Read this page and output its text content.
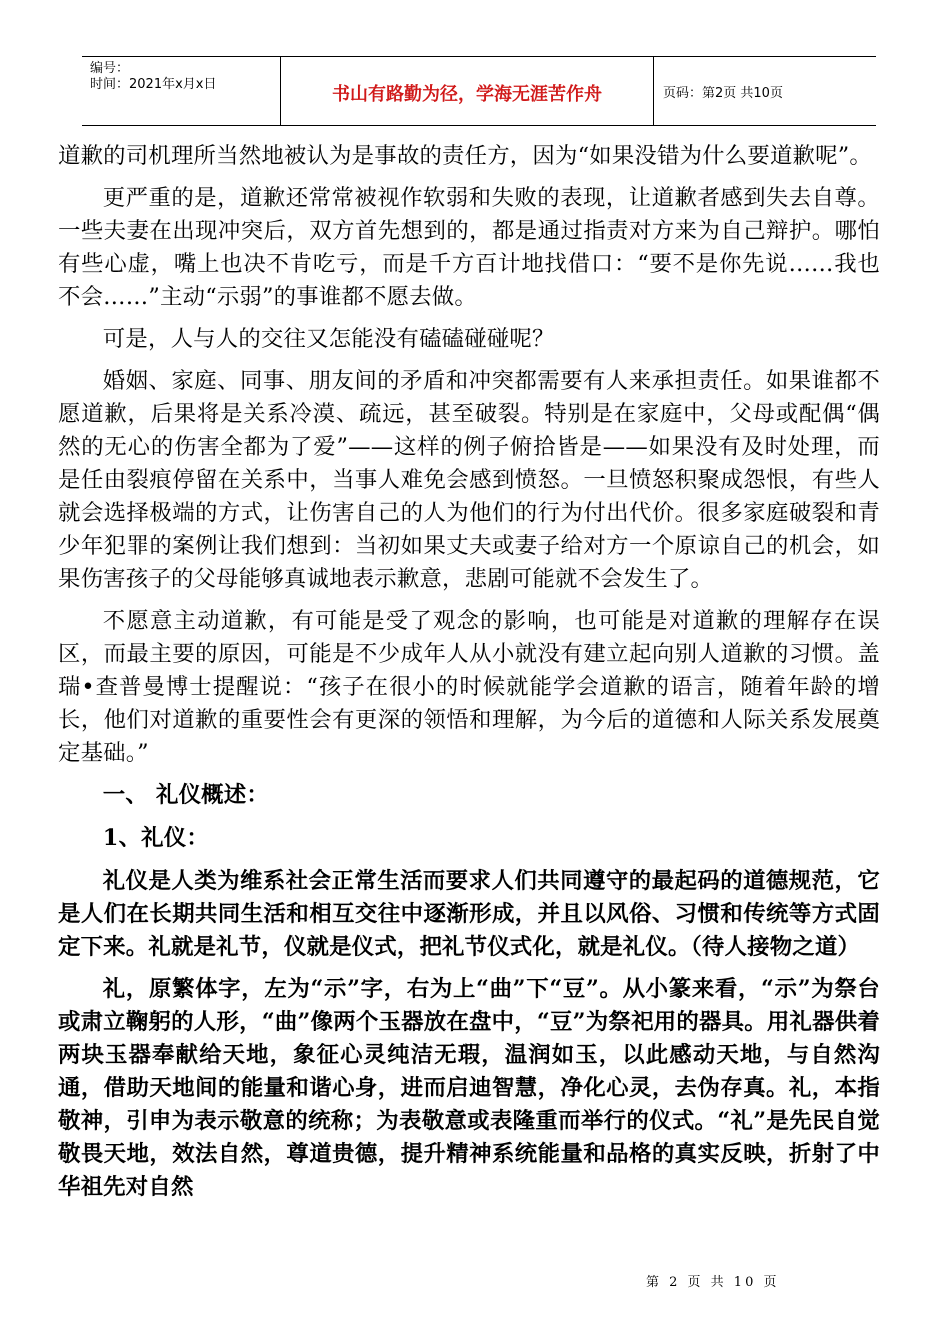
编号：
时间：2021年x月x日	书山有路勤为径，学海无涯苦作舟	页码：第2页 共10页

道歉的司机理所当然地被认为是事故的责任方，因为“如果没错为什么要道歉呢”。

更严重的是，道歉还常常被视作软弱和失败的表现，让道歉者感到失去自尊。一些夫妻在出现冲突后，双方首先想到的，都是通过指责对方来为自己辩护。哪怕有些心虚，嘴上也决不肯吃亏，而是千方百计地找借口：“要不是你先说……我也不会……”主动“示弱”的事谁都不愿去做。

可是，人与人的交往又怎能没有磕磕碰碰呢？

婚姻、家庭、同事、朋友间的矛盾和冲突都需要有人来承担责任。如果谁都不愿道歉，后果将是关系冷漠、疏远，甚至破裂。特别是在家庭中，父母或配偶“偶然的无心的伤害全都为了爱”——这样的例子俯拾皆是——如果没有及时处理，而是任由裂痕停留在关系中，当事人难免会感到愤怒。一旦愤怒积聚成怨恨，有些人就会选择极端的方式，让伤害自己的人为他们的行为付出代价。很多家庭破裂和青少年犯罪的案例让我们想到：当初如果丈夫或妻子给对方一个原谅自己的机会，如果伤害孩子的父母能够真诚地表示歉意，悲剧可能就不会发生了。

不愿意主动道歉，有可能是受了观念的影响，也可能是对道歉的理解存在误区，而最主要的原因，可能是不少成年人从小就没有建立起向别人道歉的习惯。盖瑞•查普曼博士提醒说：“孩子在很小的时候就能学会道歉的语言，随着年龄的增长，他们对道歉的重要性会有更深的领悟和理解，为今后的道德和人际关系发展奠定基础。”

一、 礼仪概述：

1、礼仪：

礼仪是人类为维系社会正常生活而要求人们共同遵守的最起码的道德规范，它是人们在长期共同生活和相互交往中逐渐形成，并且以风俗、习惯和传统等方式固定下来。礼就是礼节，仪就是仪式，把礼节仪式化，就是礼仪。（待人接物之道）

礼，原繁体字，左为“示”字，右为上“曲”下“豆”。从小篆来看，“示”为祭台或肃立鞠躬的人形，“曲”像两个玉器放在盘中，“豆”为祭祀用的器具。用礼器供着两块玉器奉献给天地，象征心灵纯洁无瑕，温润如玉，以此感动天地，与自然沟通，借助天地间的能量和谐心身，进而启迪智慧，净化心灵，去伪存真。礼，本指敬神，引申为表示敬意的统称；为表敬意或表隆重而举行的仪式。“礼”是先民自觉敬畏天地，效法自然，尊道贵德，提升精神系统能量和品格的真实反映，折射了中华祖先对自然

第 2 页 共 10 页
